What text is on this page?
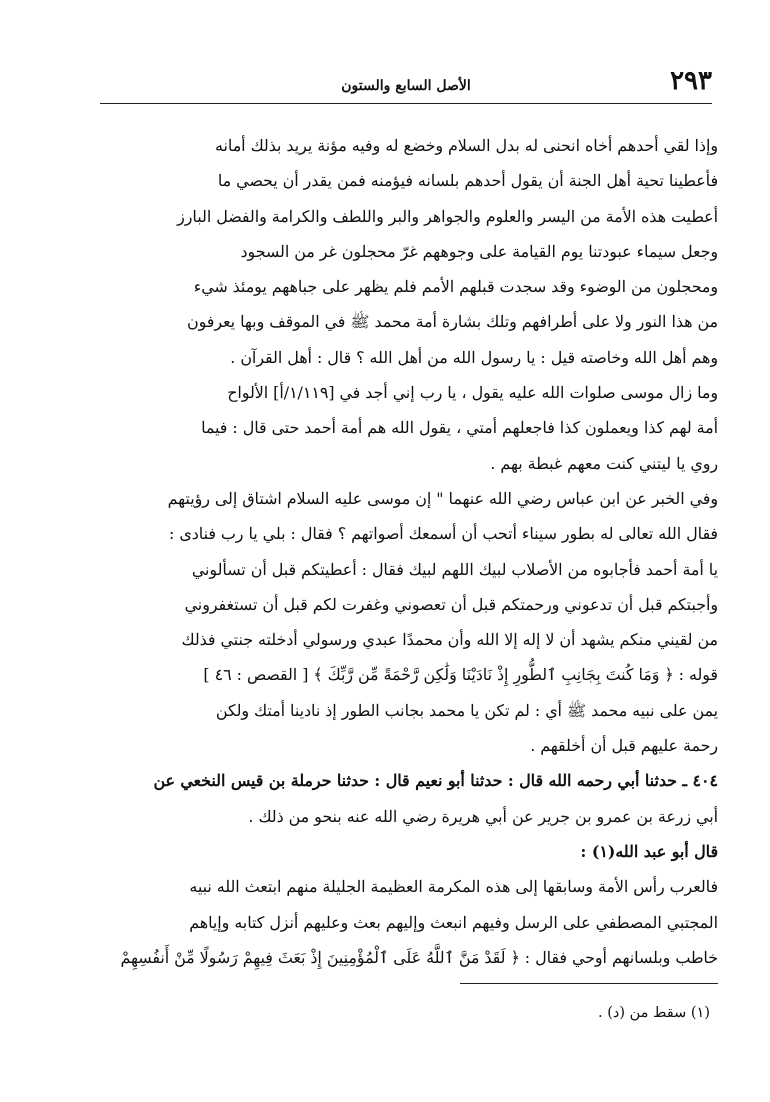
٢٩٣
الأصل السابع والستون
وإذا لقي أحدهم أخاه انحنى له بدل السلام وخضع له وفيه مؤنة يريد بذلك أمانه
فأعطينا تحية أهل الجنة أن يقول أحدهم بلسانه فيؤمنه فمن يقدر أن يحصي ما
أعطيت هذه الأمة من اليسر والعلوم والجواهر والبر واللطف والكرامة والفضل البارز
وجعل سيماء عبودتنا يوم القيامة على وجوههم غرّ محجلون غر من السجود
ومحجلون من الوضوء وقد سجدت قبلهم الأمم فلم يظهر على جباههم يومئذ شيء
من هذا النور ولا على أطرافهم وتلك بشارة أمة محمد ﷺ في الموقف وبها يعرفون
وهم أهل الله وخاصته قيل : يا رسول الله من أهل الله ؟ قال : أهل القرآن .
وما زال موسى صلوات الله عليه يقول ، يا رب إني أجد في [١/١١٩/أ] الألواح
أمة لهم كذا ويعملون كذا فاجعلهم أمتي ، يقول الله هم أمة أحمد حتى قال : فيما
روي يا ليتني كنت معهم غبطة بهم .
وفي الخبر عن ابن عباس رضي الله عنهما " إن موسى عليه السلام اشتاق إلى رؤيتهم
فقال الله تعالى له بطور سيناء أتحب أن أسمعك أصواتهم ؟ فقال : بلي يا رب فنادى :
يا أمة أحمد فأجابوه من الأصلاب لبيك اللهم لبيك فقال : أعطيتكم قبل أن تسألوني
وأجبتكم قبل أن تدعوني ورحمتكم قبل أن تعصوني وغفرت لكم قبل أن تستغفروني
من لقيني منكم يشهد أن لا إله إلا الله وأن محمدًا عبدي ورسولي أدخلته جنتي فذلك
قوله : ﴿ وَمَا كُنتَ بِجَانِبِ ٱلطُّورِ إِذْ نَادَيْنَا وَلَٰكِن رَّحْمَةً مِّن رَّبِّكَ ﴾ [ القصص : ٤٦ ]
يمن على نبيه محمد ﷺ أي : لم تكن يا محمد بجانب الطور إذ نادينا أمتك ولكن
رحمة عليهم قبل أن أخلقهم .
٤٠٤ ـ حدثنا أبي رحمه الله قال : حدثنا أبو نعيم قال : حدثنا حرملة بن قيس النخعي عن
أبي زرعة بن عمرو بن جرير عن أبي هريرة رضي الله عنه بنحو من ذلك .
قال أبو عبد الله(١) :
فالعرب رأس الأمة وسابقها إلى هذه المكرمة العظيمة الجليلة منهم ابتعث الله نبيه
المجتبي المصطفي على الرسل وفيهم انبعث وإليهم بعث وعليهم أنزل كتابه وإياهم
خاطب وبلسانهم أوحي فقال : ﴿ لَقَدْ مَنَّ ٱللَّهُ عَلَى ٱلْمُؤْمِنِينَ إِذْ بَعَثَ فِيهِمْ رَسُولًا مِّنْ أَنفُسِهِمْ
(١) سقط من (د) .
